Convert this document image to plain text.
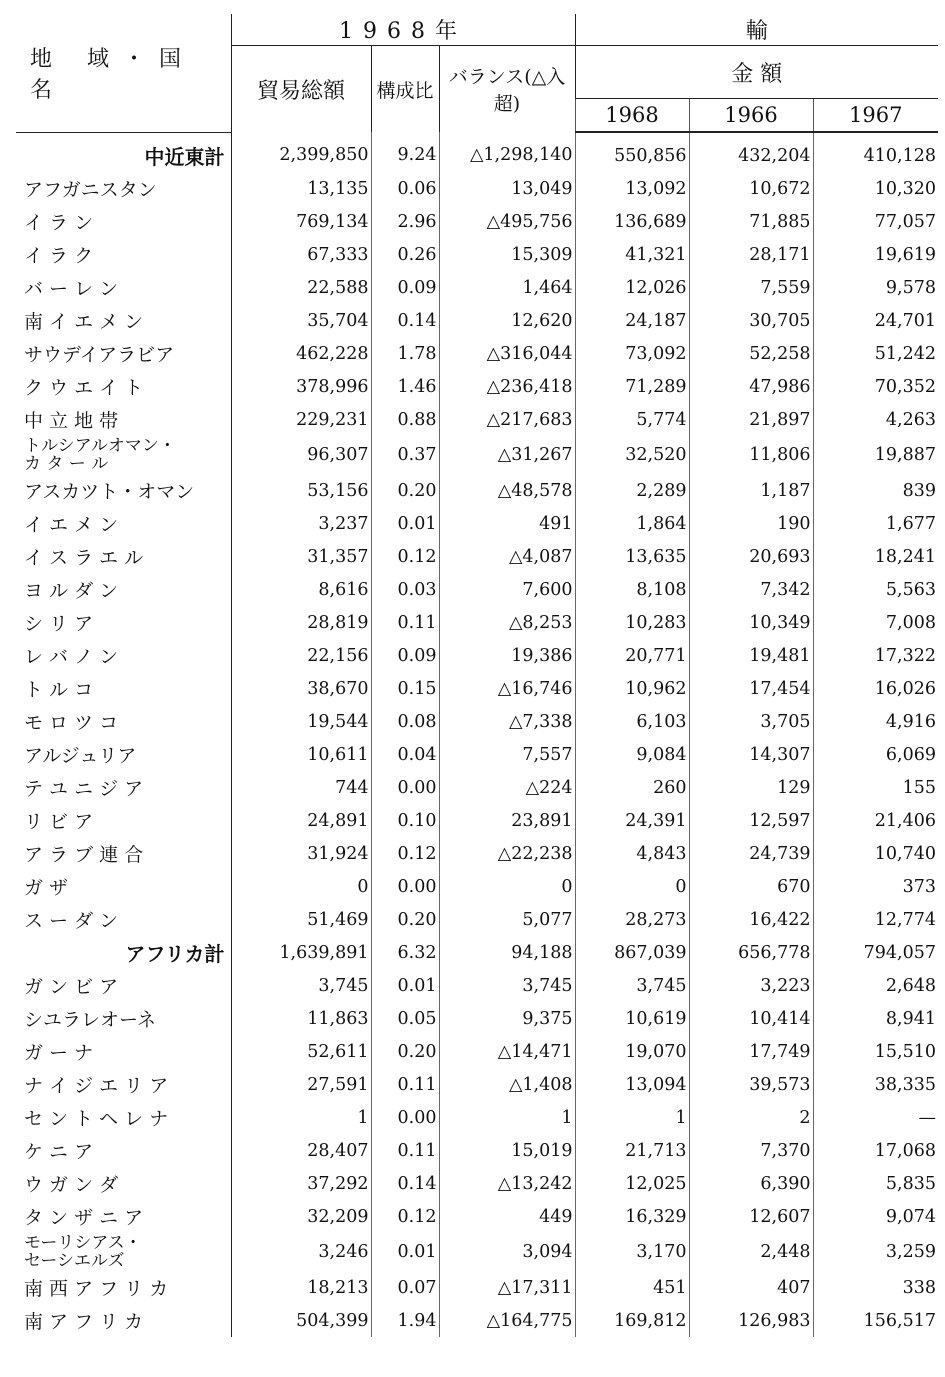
地 域・国 名	1968年			輸		
	貿易総額	構成比	バランス(△入超)	金 額		
				1968	1966	1967
中近東計	2,399,850	9.24	△1,298,140	550,856	432,204	410,128
アフガニスタン	13,135	0.06	13,049	13,092	10,672	10,320
イ ラ ン	769,134	2.96	△495,756	136,689	71,885	77,057
イ ラ ク	67,333	0.26	15,309	41,321	28,171	19,619
バ ー レ ン	22,588	0.09	1,464	12,026	7,559	9,578
南 イ エ メ ン	35,704	0.14	12,620	24,187	30,705	24,701
サウデイアラビア	462,228	1.78	△316,044	73,092	52,258	51,242
ク ウ エ イ ト	378,996	1.46	△236,418	71,289	47,986	70,352
中 立 地 帯	229,231	0.88	△217,683	5,774	21,897	4,263
トルシアルオマン・
カ タ ー ル	96,307	0.37	△31,267	32,520	11,806	19,887
アスカツト・オマン	53,156	0.20	△48,578	2,289	1,187	839
イ エ メ ン	3,237	0.01	491	1,864	190	1,677
イ ス ラ エ ル	31,357	0.12	△4,087	13,635	20,693	18,241
ヨ ル ダ ン	8,616	0.03	7,600	8,108	7,342	5,563
シ リ ア	28,819	0.11	△8,253	10,283	10,349	7,008
レ バ ノ ン	22,156	0.09	19,386	20,771	19,481	17,322
ト ル コ	38,670	0.15	△16,746	10,962	17,454	16,026
モ ロ ツ コ	19,544	0.08	△7,338	6,103	3,705	4,916
アルジュリア	10,611	0.04	7,557	9,084	14,307	6,069
テ ユ ニ ジ ア	744	0.00	△224	260	129	155
リ ビ ア	24,891	0.10	23,891	24,391	12,597	21,406
ア ラ ブ 連 合	31,924	0.12	△22,238	4,843	24,739	10,740
ガ ザ	0	0.00	0	0	670	373
ス ー ダ ン	51,469	0.20	5,077	28,273	16,422	12,774
アフリカ計	1,639,891	6.32	94,188	867,039	656,778	794,057
ガ ン ビ ア	3,745	0.01	3,745	3,745	3,223	2,648
シユラレオーネ	11,863	0.05	9,375	10,619	10,414	8,941
ガ ー ナ	52,611	0.20	△14,471	19,070	17,749	15,510
ナ イ ジ エ リ ア	27,591	0.11	△1,408	13,094	39,573	38,335
セ ン ト ヘ レ ナ	1	0.00	1	1	2	—
ケ ニ ア	28,407	0.11	15,019	21,713	7,370	17,068
ウ ガ ン ダ	37,292	0.14	△13,242	12,025	6,390	5,835
タ ン ザ ニ ア	32,209	0.12	449	16,329	12,607	9,074
モーリシアス・
セーシエルズ	3,246	0.01	3,094	3,170	2,448	3,259
南 西 ア フ リ カ	18,213	0.07	△17,311	451	407	338
南 ア フ リ カ	504,399	1.94	△164,775	169,812	126,983	156,517
